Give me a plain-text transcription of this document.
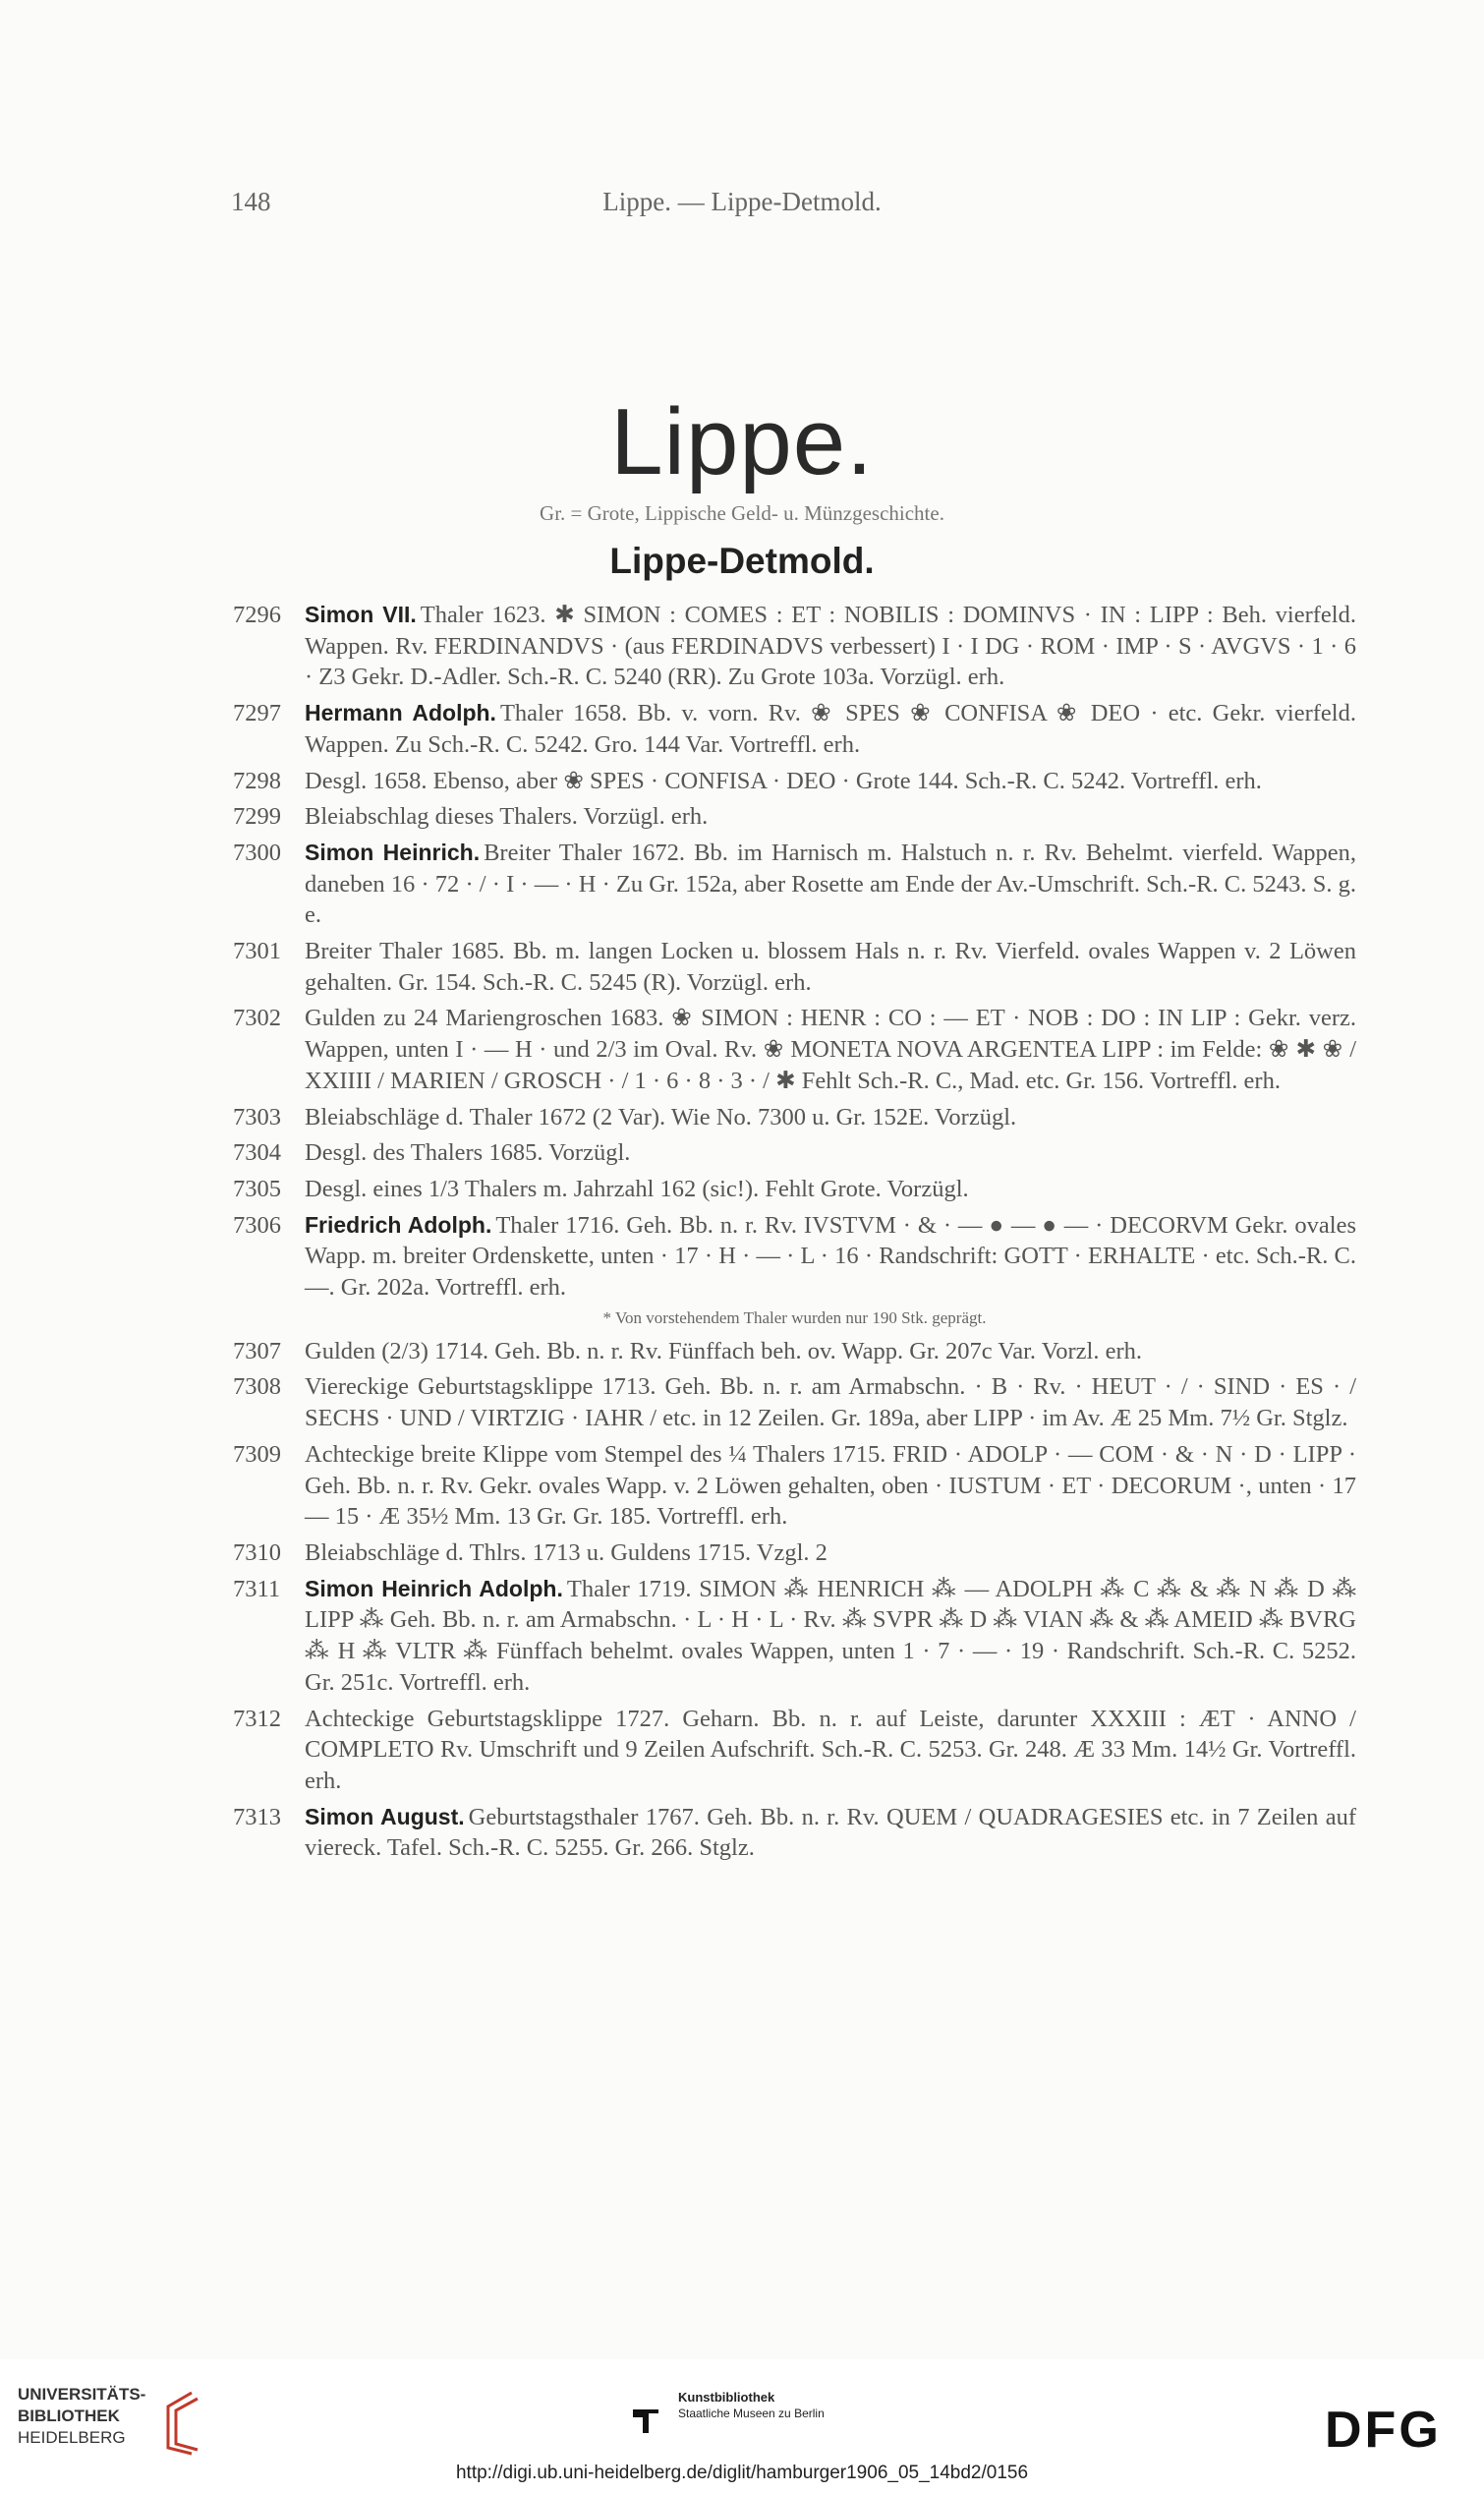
148	Lippe. — Lippe-Detmold.
Lippe.
Gr. = Grote, Lippische Geld- u. Münzgeschichte.
Lippe-Detmold.
7296 Simon VII. Thaler 1623. ✱ SIMON : COMES : ET : NOBILIS : DOMINVS · IN : LIPP : Beh. vierfeld. Wappen. Rv. FERDINANDVS · (aus FERDINADVS verbessert) I · I DG · ROM · IMP · S · AVGVS · 1 · 6 · Z3 Gekr. D.-Adler. Sch.-R. C. 5240 (RR). Zu Grote 103a. Vorzügl. erh.
7297 Hermann Adolph. Thaler 1658. Bb. v. vorn. Rv. ❀ SPES ❀ CONFISA ❀ DEO · etc. Gekr. vierfeld. Wappen. Zu Sch.-R. C. 5242. Gro. 144 Var. Vortreffl. erh.
7298 Desgl. 1658. Ebenso, aber ❀ SPES · CONFISA · DEO · Grote 144. Sch.-R. C. 5242. Vortreffl. erh.
7299 Bleiabschlag dieses Thalers. Vorzügl. erh.
7300 Simon Heinrich. Breiter Thaler 1672. Bb. im Harnisch m. Halstuch n. r. Rv. Behelmt. vierfeld. Wappen, daneben 16 · 72 · / · I · — · H · Zu Gr. 152a, aber Rosette am Ende der Av.-Umschrift. Sch.-R. C. 5243. S. g. e.
7301 Breiter Thaler 1685. Bb. m. langen Locken u. blossem Hals n. r. Rv. Vierfeld. ovales Wappen v. 2 Löwen gehalten. Gr. 154. Sch.-R. C. 5245 (R). Vorzügl. erh.
7302 Gulden zu 24 Mariengroschen 1683. ❀ SIMON : HENR : CO : — ET · NOB : DO : IN LIP : Gekr. verz. Wappen, unten I · — H · und 2/3 im Oval. Rv. ❀ MONETA NOVA ARGENTEA LIPP : im Felde: ❀ ✱ ❀ / XXIIII / MARIEN / GROSCH · / 1 · 6 · 8 · 3 · / ✱ Fehlt Sch.-R. C., Mad. etc. Gr. 156. Vortreffl. erh.
7303 Bleiabschläge d. Thaler 1672 (2 Var). Wie No. 7300 u. Gr. 152E. Vorzügl.
7304 Desgl. des Thalers 1685. Vorzügl.
7305 Desgl. eines 1/3 Thalers m. Jahrzahl 162 (sic!). Fehlt Grote. Vorzügl.
7306 Friedrich Adolph. Thaler 1716. Geh. Bb. n. r. Rv. IVSTVM · & · — ● — ● — · DECORVM Gekr. ovales Wapp. m. breiter Ordenskette, unten · 17 · H · — · L · 16 · Randschrift: GOTT · ERHALTE · etc. Sch.-R. C. —. Gr. 202a. Vortreffl. erh.
* Von vorstehendem Thaler wurden nur 190 Stk. geprägt.
7307 Gulden (2/3) 1714. Geh. Bb. n. r. Rv. Fünffach beh. ov. Wapp. Gr. 207c Var. Vorzl. erh.
7308 Viereckige Geburtstagsklippe 1713. Geh. Bb. n. r. am Armabschn. · B · Rv. · HEUT · / · SIND · ES · / SECHS · UND / VIRTZIG · IAHR / etc. in 12 Zeilen. Gr. 189a, aber LIPP · im Av. Æ 25 Mm. 7½ Gr. Stglz.
7309 Achteckige breite Klippe vom Stempel des ¼ Thalers 1715. FRID · ADOLP · — COM · & · N · D · LIPP · Geh. Bb. n. r. Rv. Gekr. ovales Wapp. v. 2 Löwen gehalten, oben · IUSTUM · ET · DECORUM ·, unten · 17 — 15 · Æ 35½ Mm. 13 Gr. Gr. 185. Vortreffl. erh.
7310 Bleiabschläge d. Thlrs. 1713 u. Guldens 1715. Vzgl. 2
7311 Simon Heinrich Adolph. Thaler 1719. SIMON ⁂ HENRICH ⁂ — ADOLPH ⁂ C ⁂ & ⁂ N ⁂ D ⁂ LIPP ⁂ Geh. Bb. n. r. am Armabschn. · L · H · L · Rv. ⁂ SVPR ⁂ D ⁂ VIAN ⁂ & ⁂ AMEID ⁂ BVRG ⁂ H ⁂ VLTR ⁂ Fünffach behelmt. ovales Wappen, unten 1 · 7 · — · 19 · Randschrift. Sch.-R. C. 5252. Gr. 251c. Vortreffl. erh.
7312 Achteckige Geburtstagsklippe 1727. Geharn. Bb. n. r. auf Leiste, darunter XXXIII : ÆT · ANNO / COMPLETO Rv. Umschrift und 9 Zeilen Aufschrift. Sch.-R. C. 5253. Gr. 248. Æ 33 Mm. 14½ Gr. Vortreffl. erh.
7313 Simon August. Geburtstagsthaler 1767. Geh. Bb. n. r. Rv. QUEM / QUADRAGESIES etc. in 7 Zeilen auf viereck. Tafel. Sch.-R. C. 5255. Gr. 266. Stglz.
UNIVERSITÄTS-
BIBLIOTHEK
HEIDELBERG
Kunstbibliothek
Staatliche Museen zu Berlin	DFG
http://digi.ub.uni-heidelberg.de/diglit/hamburger1906_05_14bd2/0156
